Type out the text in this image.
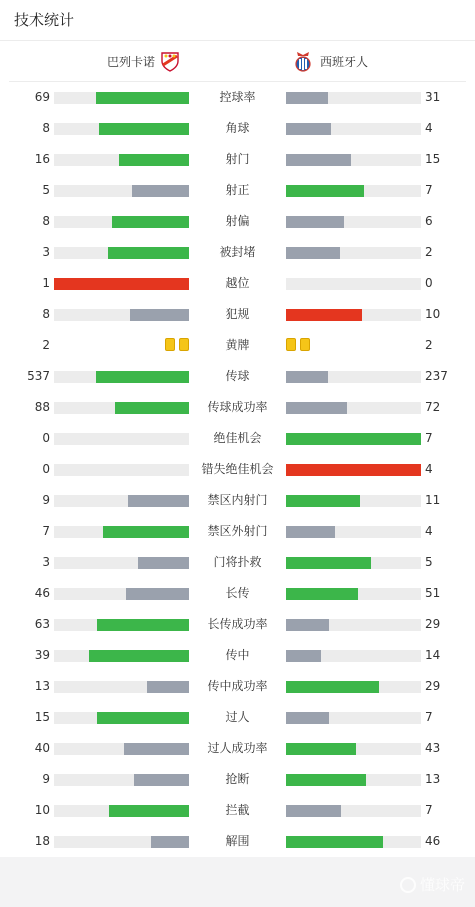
技术统计
巴列卡诺	西班牙人
69	控球率	31
8	角球	4
16	射门	15
5	射正	7
8	射偏	6
3	被封堵	2
1	越位	0
8	犯规	10
2	黄牌	2
537	传球	237
88	传球成功率	72
0	绝佳机会	7
0	错失绝佳机会	4
9	禁区内射门	11
7	禁区外射门	4
3	门将扑救	5
46	长传	51
63	长传成功率	29
39	传中	14
13	传中成功率	29
15	过人	7
40	过人成功率	43
9	抢断	13
10	拦截	7
18	解围	46
懂球帝
